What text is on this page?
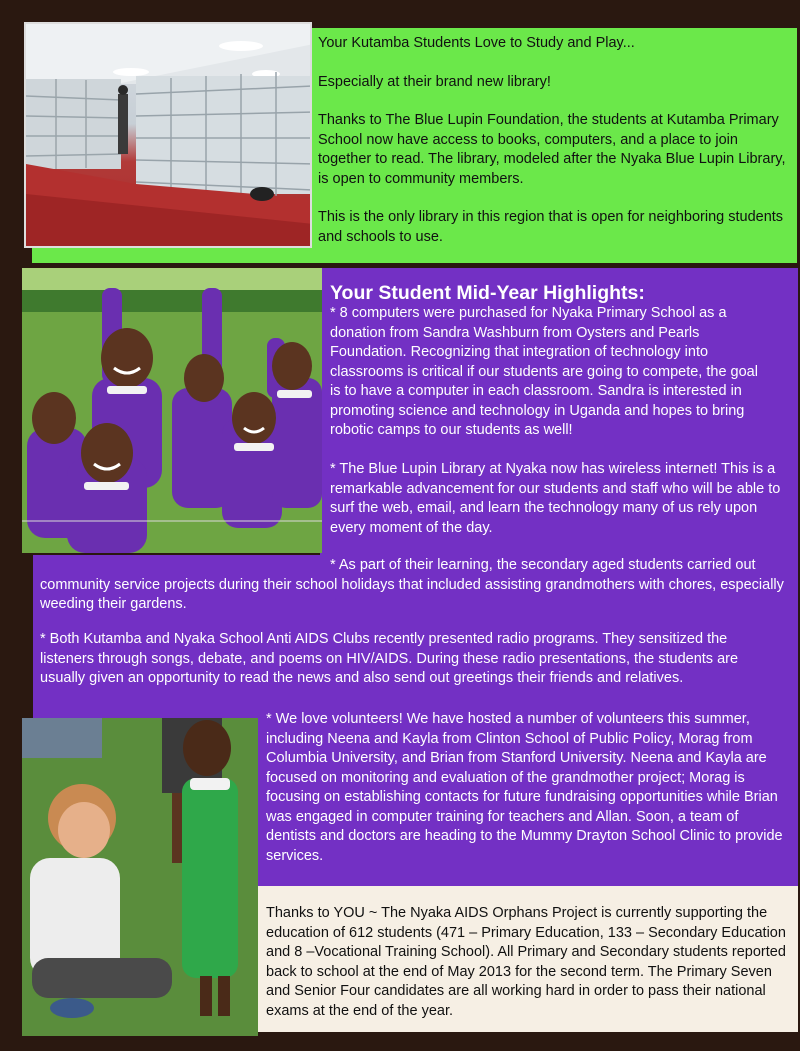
Your Kutamba Students Love to Study and Play...

Especially at their brand new library!

Thanks to The Blue Lupin Foundation, the students at Kutamba Primary School now have access to books, computers, and a place to join together to read. The library, modeled after the Nyaka Blue Lupin Library, is open to community members.

This is the only library in this region that is open for neighboring students and schools to use.

Your Student Mid-Year Highlights:

* 8 computers were purchased for Nyaka Primary School as a donation from Sandra Washburn from Oysters and Pearls Foundation. Recognizing that integration of technology into classrooms is critical if our students are going to compete, the goal is to have a computer in each classroom. Sandra is interested in promoting science and technology in Uganda and hopes to bring robotic camps to our students as well!

* The Blue Lupin Library at Nyaka now has wireless internet! This is a remarkable advancement for our students and staff who will be able to surf the web, email, and learn the technology many of us rely upon every moment of the day.

* As part of their learning, the secondary aged students carried out community service projects during their school holidays that included assisting grandmothers with chores, especially weeding their gardens.

* Both Kutamba and Nyaka School Anti AIDS Clubs recently presented radio programs. They sensitized the listeners through songs, debate, and poems on HIV/AIDS. During these radio presentations, the students are usually given an opportunity to read the news and also send out greetings their friends and relatives.

* We love volunteers! We have hosted a number of volunteers this summer, including Neena and Kayla from Clinton School of Public Policy, Morag from Columbia University, and Brian from Stanford University. Neena and Kayla are focused on monitoring and evaluation of the grandmother project; Morag is focusing on establishing contacts for future fundraising opportunities while Brian was engaged in computer training for teachers and Allan. Soon, a team of dentists and doctors are heading to the Mummy Drayton School Clinic to provide services.

Thanks to YOU ~ The Nyaka AIDS Orphans Project is currently supporting the education of 612 students (471 – Primary Education, 133 – Secondary Education and 8 –Vocational Training School). All Primary and Secondary students reported back to school at the end of May 2013 for the second term. The Primary Seven and Senior Four candidates are all working hard in order to pass their national exams at the end of the year.
